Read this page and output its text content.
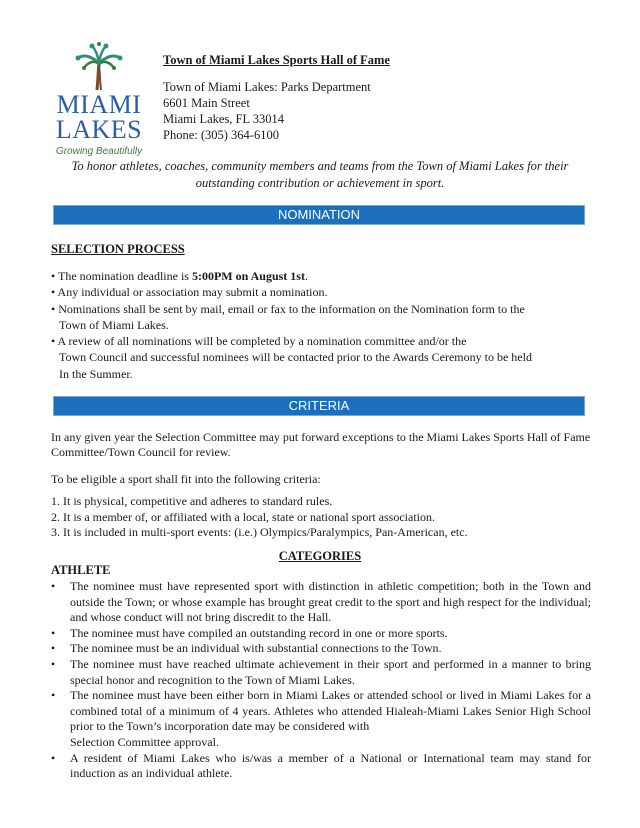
MIAMI
LAKES
Growing Beautifully
Town of Miami Lakes Sports Hall of Fame
Town of Miami Lakes: Parks Department
6601 Main Street
Miami Lakes, FL 33014
Phone: (305) 364-6100
To honor athletes, coaches, community members and teams from the Town of Miami Lakes for their
outstanding contribution or achievement in sport.
NOMINATION
SELECTION PROCESS
• The nomination deadline is 5:00PM on August 1st.
• Any individual or association may submit a nomination.
• Nominations shall be sent by mail, email or fax to the information on the Nomination form to the
Town of Miami Lakes.
• A review of all nominations will be completed by a nomination committee and/or the
Town Council and successful nominees will be contacted prior to the Awards Ceremony to be held
In the Summer.
CRITERIA
In any given year the Selection Committee may put forward exceptions to the Miami Lakes Sports Hall of Fame Committee/Town Council for review.
To be eligible a sport shall fit into the following criteria:
1. It is physical, competitive and adheres to standard rules.
2. It is a member of, or affiliated with a local, state or national sport association.
3. It is included in multi-sport events: (i.e.) Olympics/Paralympics, Pan-American, etc.
CATEGORIES
ATHLETE
• The nominee must have represented sport with distinction in athletic competition; both in the Town and outside the Town; or whose example has brought great credit to the sport and high respect for the individual; and whose conduct will not bring discredit to the Hall.
• The nominee must have compiled an outstanding record in one or more sports.
• The nominee must be an individual with substantial connections to the Town.
• The nominee must have reached ultimate achievement in their sport and performed in a manner to bring special honor and recognition to the Town of Miami Lakes.
• The nominee must have been either born in Miami Lakes or attended school or lived in Miami Lakes for a combined total of a minimum of 4 years. Athletes who attended Hialeah-Miami Lakes Senior High School prior to the Town’s incorporation date may be considered with
Selection Committee approval.
• A resident of Miami Lakes who is/was a member of a National or International team may stand for induction as an individual athlete.
